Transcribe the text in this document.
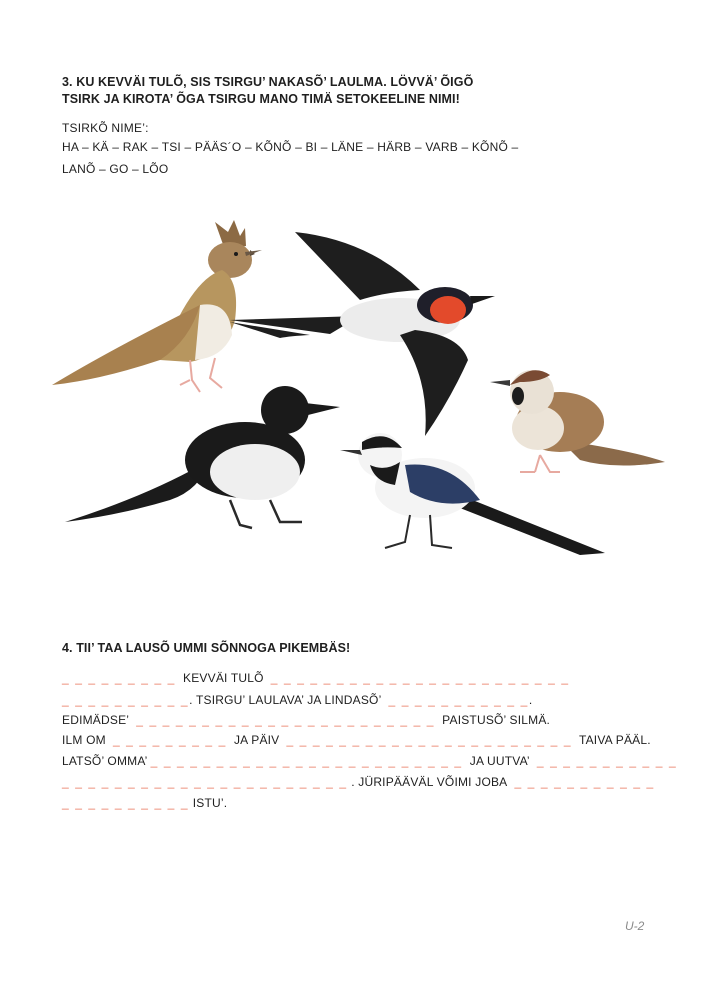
3. KU KEVVÄI TULÕ, SIS TSIRGU’ NAKASÕ’ LAULMA. LÖVVÄ’ ÕIGÕ
TSIRK JA KIROTA’ ÕGA TSIRGU MANO TIMÄ SETOKEELINE NIMI!
TSIRKÕ NIME’:
HA – KÄ – RAK – TSI – PÄÄS´O – KÕNÕ – BI – LÄNE – HÄRB – VARB – KÕNÕ –
LANÕ – GO – LÕO
4. TII’ TAA LAUSÕ UMMI SÕNNOGA PIKEMBÄS!
_ _ _ _ _ _ _ _ _ KEVVÄI TULÕ _ _ _ _ _ _ _ _ _ _ _ _ _ _ _ _ _ _ _ _ _ _ _
_ _ _ _ _ _ _ _ _ _. TSIRGU’ LAULAVA’ JA LINDASÕ’ _ _ _ _ _ _ _ _ _ _ _.
EDIMÄDSE’ _ _ _ _ _ _ _ _ _ _ _ _ _ _ _ _ _ _ _ _ _ _ _ PAISTUSÕ’ SILMÄ.
ILM OM _ _ _ _ _ _ _ _ _ JA PÄIV _ _ _ _ _ _ _ _ _ _ _ _ _ _ _ _ _ _ _ _ _ _ TAIVA PÄÄL.
LATSÕ’ OMMA’ _ _ _ _ _ _ _ _ _ _ _ _ _ _ _ _ _ _ _ _ _ _ _ _ JA UUTVA’ _ _ _ _ _ _ _ _ _ _ _
_ _ _ _ _ _ _ _ _ _ _ _ _ _ _ _ _ _ _ _ _ _ . JÜRIPÄÄVÄL VÕIMI JOBA _ _ _ _ _ _ _ _ _ _ _
_ _ _ _ _ _ _ _ _ _ ISTU’.
U-2
